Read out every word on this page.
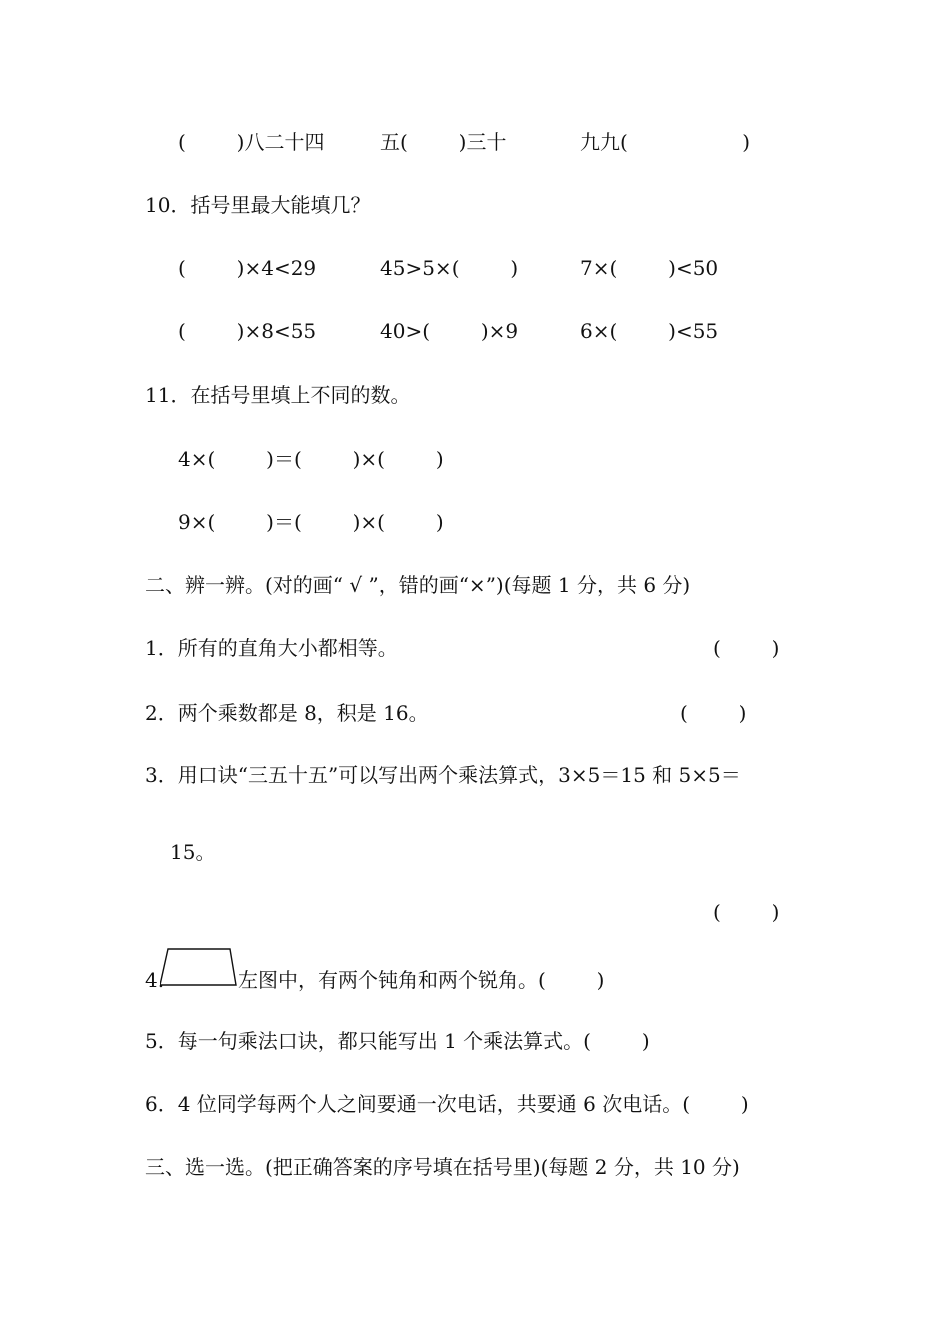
(        )八二十四	五(        )三十	九九(                  )
10．括号里最大能填几？
(        )×4<29	45>5×(        )	7×(        )<50
(        )×8<55	40>(        )×9	6×(        )<55
11．在括号里填上不同的数。
4×(        )＝(        )×(        )
9×(        )＝(        )×(        )
二、辨一辨。(对的画“ √ ”，错的画“×”)(每题 1 分，共 6 分)
1．所有的直角大小都相等。	(        )
2．两个乘数都是 8，积是 16。	(        )
3．用口诀“三五十五”可以写出两个乘法算式，3×5＝15 和 5×5＝
15。
(        )
4.	左图中，有两个钝角和两个锐角。(        )
5．每一句乘法口诀，都只能写出 1 个乘法算式。(        )
6．4 位同学每两个人之间要通一次电话，共要通 6 次电话。(        )
三、选一选。(把正确答案的序号填在括号里)(每题 2 分，共 10 分)
